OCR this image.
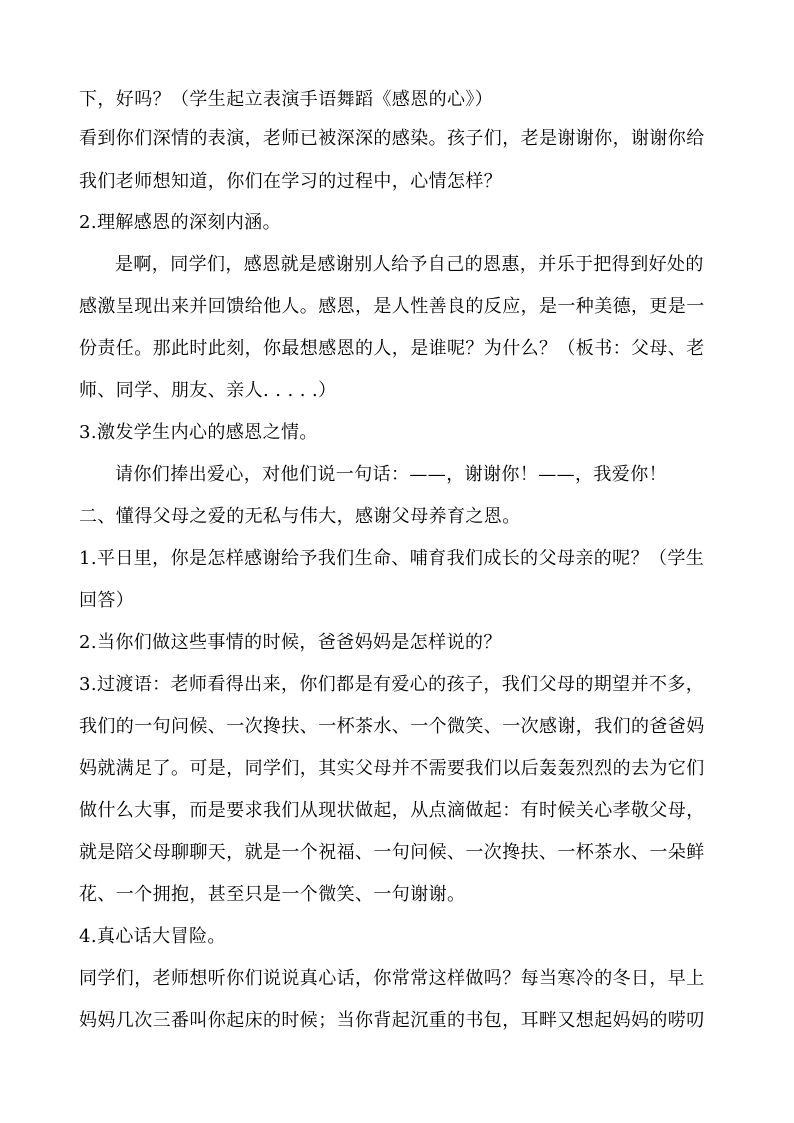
下，好吗？（学生起立表演手语舞蹈《感恩的心》）
看到你们深情的表演，老师已被深深的感染。孩子们，老是谢谢你，谢谢你给
我们老师想知道，你们在学习的过程中，心情怎样？
2.理解感恩的深刻内涵。
是啊，同学们，感恩就是感谢别人给予自己的恩惠，并乐于把得到好处的
感激呈现出来并回馈给他人。感恩，是人性善良的反应，是一种美德，更是一
份责任。那此时此刻，你最想感恩的人，是谁呢？为什么？（板书：父母、老
师、同学、朋友、亲人. . . . .）
3.激发学生内心的感恩之情。
请你们捧出爱心，对他们说一句话：——，谢谢你！——，我爱你！
二、懂得父母之爱的无私与伟大，感谢父母养育之恩。
1.平日里，你是怎样感谢给予我们生命、哺育我们成长的父母亲的呢？（学生
回答）
2.当你们做这些事情的时候，爸爸妈妈是怎样说的？
3.过渡语：老师看得出来，你们都是有爱心的孩子，我们父母的期望并不多，
我们的一句问候、一次搀扶、一杯茶水、一个微笑、一次感谢，我们的爸爸妈
妈就满足了。可是，同学们，其实父母并不需要我们以后轰轰烈烈的去为它们
做什么大事，而是要求我们从现状做起，从点滴做起：有时候关心孝敬父母，
就是陪父母聊聊天，就是一个祝福、一句问候、一次搀扶、一杯茶水、一朵鲜
花、一个拥抱，甚至只是一个微笑、一句谢谢。
4.真心话大冒险。
同学们，老师想听你们说说真心话，你常常这样做吗？每当寒冷的冬日，早上
妈妈几次三番叫你起床的时候；当你背起沉重的书包，耳畔又想起妈妈的唠叨
